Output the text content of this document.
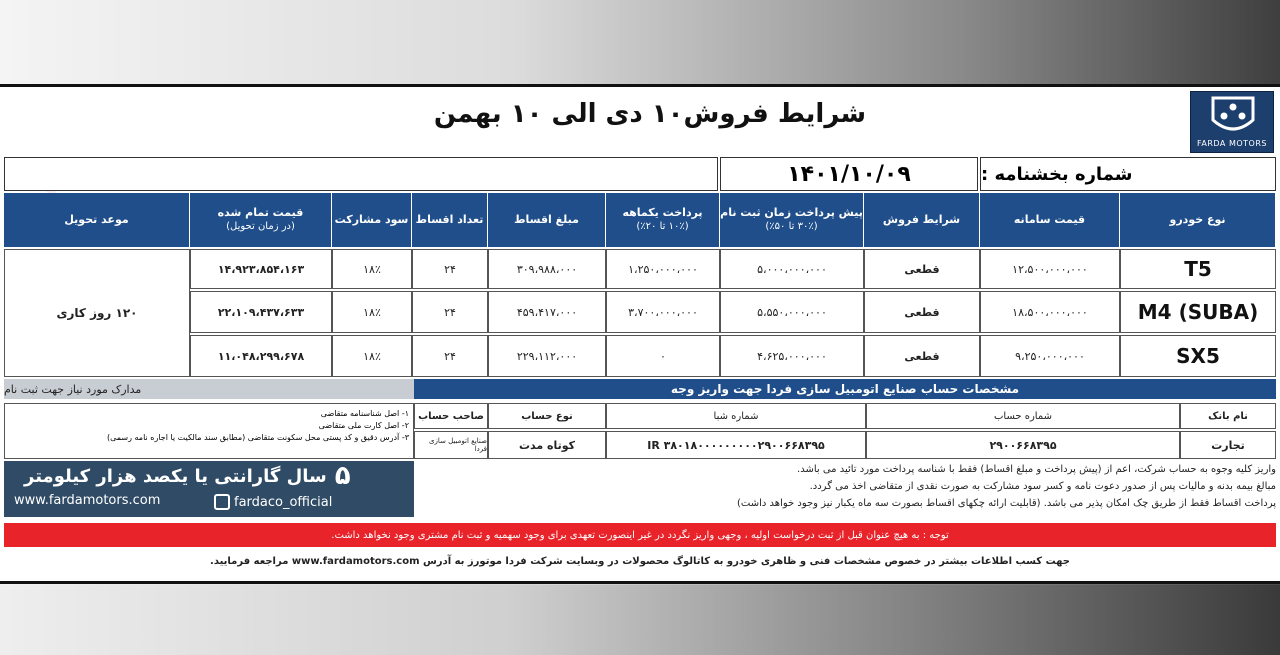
شرایط فروش۱۰ دی الی ۱۰ بهمن
FARDA MOTORS
شماره بخشنامه :
۱۴۰۱/۱۰/۰۹
نوع خودرو
قیمت سامانه
شرایط فروش
پیش پرداخت زمان ثبت نام
(۳۰٪ تا ۵۰٪)
پرداخت یکماهه
(۱۰٪ تا ۲۰٪)
مبلغ اقساط
تعداد اقساط
سود مشارکت
قیمت تمام شده
(در زمان تحویل)
موعد تحویل
T5
۱۲،۵۰۰،۰۰۰،۰۰۰
قطعی
۵،۰۰۰،۰۰۰،۰۰۰
۱،۲۵۰،۰۰۰،۰۰۰
۳۰۹،۹۸۸،۰۰۰
۲۴
۱۸٪
۱۴،۹۲۳،۸۵۴،۱۶۳
M4 (SUBA)
۱۸،۵۰۰،۰۰۰،۰۰۰
قطعی
۵،۵۵۰،۰۰۰،۰۰۰
۳،۷۰۰،۰۰۰،۰۰۰
۴۵۹،۴۱۷،۰۰۰
۲۴
۱۸٪
۲۲،۱۰۹،۴۳۷،۶۳۳
SX5
۹،۲۵۰،۰۰۰،۰۰۰
قطعی
۴،۶۲۵،۰۰۰،۰۰۰
۰
۲۲۹،۱۱۲،۰۰۰
۲۴
۱۸٪
۱۱،۰۴۸،۲۹۹،۶۷۸
۱۲۰ روز کاری
مشخصات حساب صنایع اتومبیل سازی فردا جهت واریز وجه
مدارک مورد نیاز جهت ثبت نام
نام بانک
شماره حساب
شماره شبا
نوع حساب
صاحب حساب
تجارت
۲۹۰۰۶۶۸۳۹۵
IR ۳۸۰۱۸۰۰۰۰۰۰۰۰۰۲۹۰۰۶۶۸۳۹۵
کوتاه مدت
صنایع اتومبیل سازی فردا
۱- اصل شناسنامه متقاضی
۲- اصل کارت ملی متقاضی
۳- آدرس دقیق و کد پستی محل سکونت متقاضی (مطابق سند مالکیت یا اجاره نامه رسمی)
۵
سال گارانتی یا یکصد هزار کیلومتر
www.fardamotors.com	fardaco_official
واریز کلیه وجوه به حساب شرکت، اعم از (پیش پرداخت و مبلغ اقساط) فقط با شناسه پرداخت مورد تائید می باشد.
مبالغ بیمه بدنه و مالیات پس از صدور دعوت نامه و کسر سود مشارکت به صورت نقدی از متقاضی اخذ می گردد.
پرداخت اقساط فقط از طریق چک امکان پذیر می باشد. (قابلیت ارائه چکهای اقساط بصورت سه ماه یکبار نیز وجود خواهد داشت)
توجه : به هیچ عنوان قبل از ثبت درخواست اولیه ، وجهی واریز نگردد در غیر اینصورت تعهدی برای وجود سهمیه و ثبت نام مشتری وجود نخواهد داشت.
جهت کسب اطلاعات بیشتر در خصوص مشخصات فنی و ظاهری خودرو به کاتالوگ محصولات در وبسایت شرکت فردا موتورز به آدرس www.fardamotors.com مراجعه فرمایید.
